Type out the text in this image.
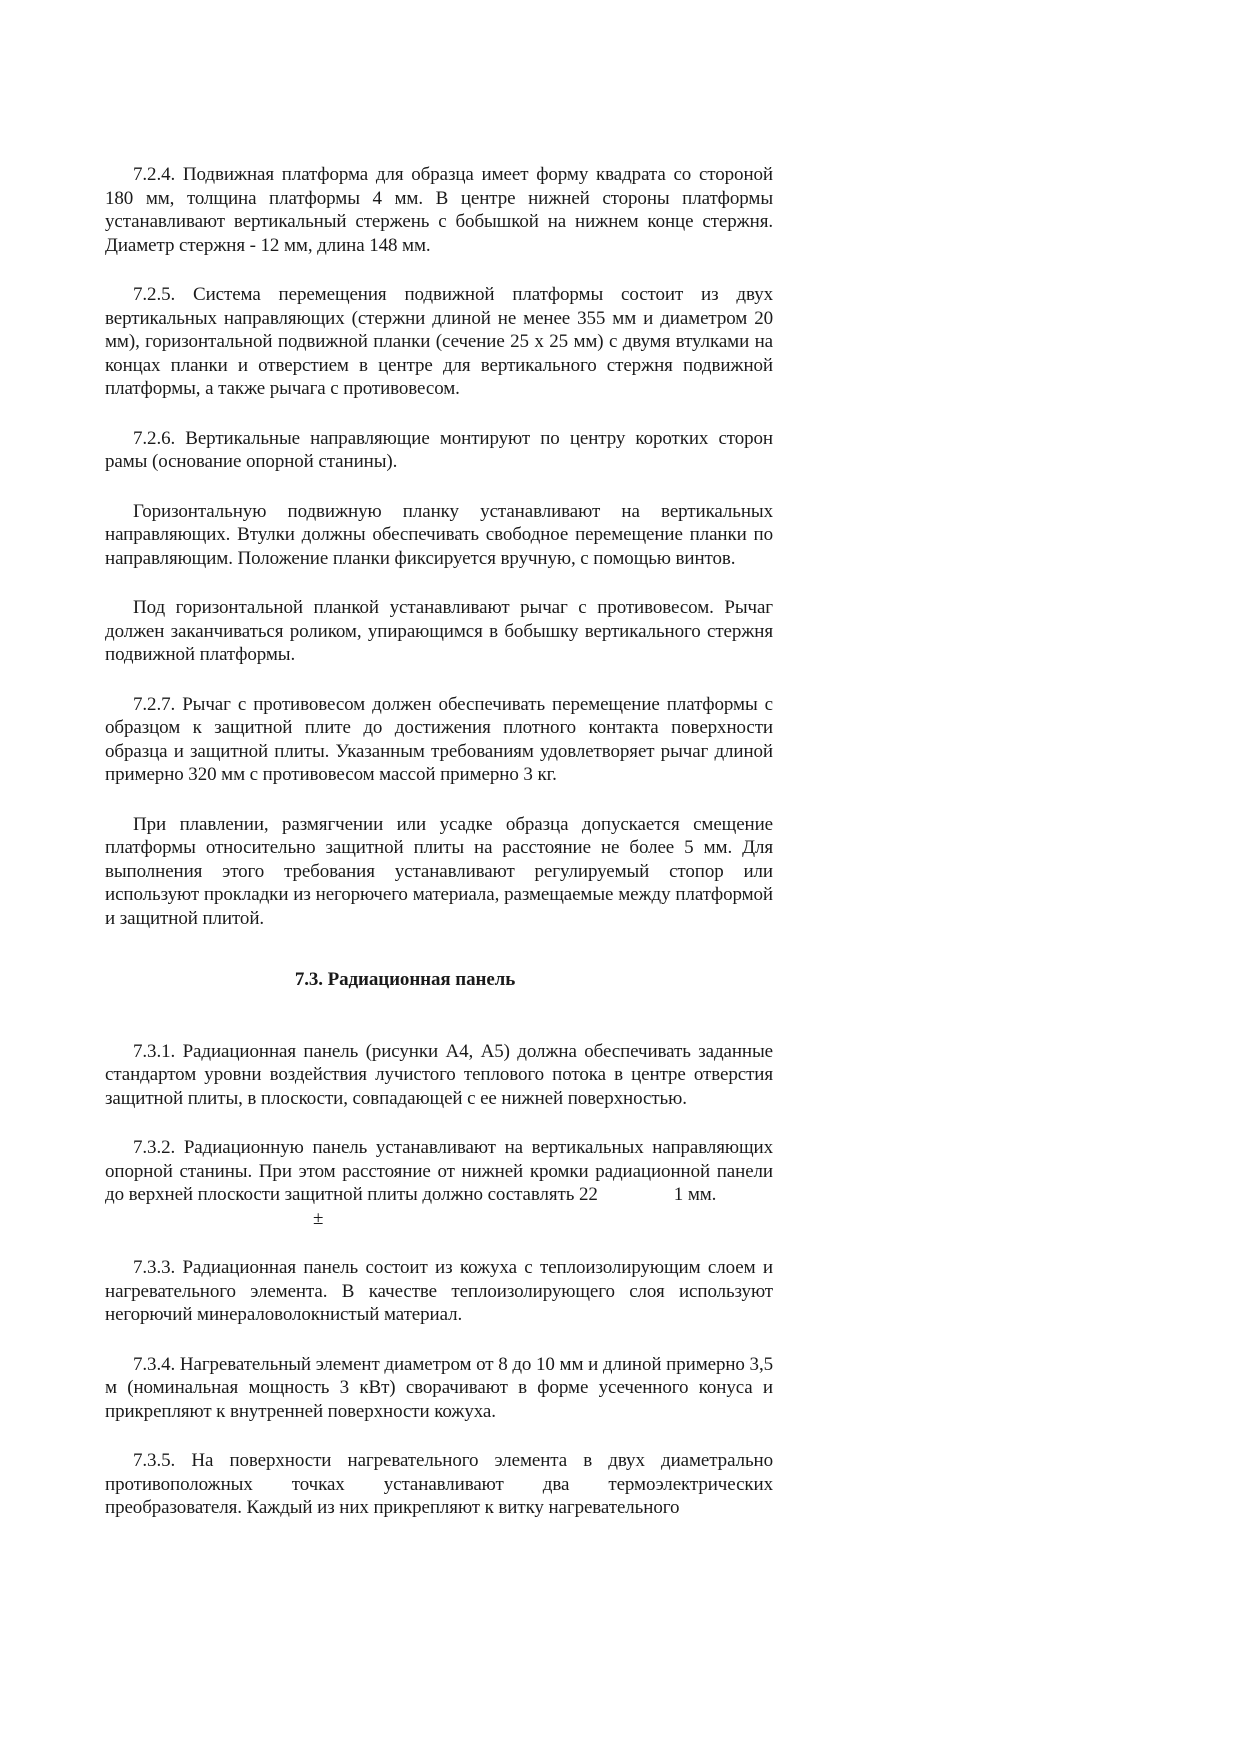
7.2.4. Подвижная платформа для образца имеет форму квадрата со стороной 180 мм, толщина платформы 4 мм. В центре нижней стороны платформы устанавливают вертикальный стержень с бобышкой на нижнем конце стержня. Диаметр стержня - 12 мм, длина 148 мм.

7.2.5. Система перемещения подвижной платформы состоит из двух вертикальных направляющих (стержни длиной не менее 355 мм и диаметром 20 мм), горизонтальной подвижной планки (сечение 25 х 25 мм) с двумя втулками на концах планки и отверстием в центре для вертикального стержня подвижной платформы, а также рычага с противовесом.

7.2.6. Вертикальные направляющие монтируют по центру коротких сторон рамы (основание опорной станины).

Горизонтальную подвижную планку устанавливают на вертикальных направляющих. Втулки должны обеспечивать свободное перемещение планки по направляющим. Положение планки фиксируется вручную, с помощью винтов.

Под горизонтальной планкой устанавливают рычаг с противовесом. Рычаг должен заканчиваться роликом, упирающимся в бобышку вертикального стержня подвижной платформы.

7.2.7. Рычаг с противовесом должен обеспечивать перемещение платформы с образцом к защитной плите до достижения плотного контакта поверхности образца и защитной плиты. Указанным требованиям удовлетворяет рычаг длиной примерно 320 мм с противовесом массой примерно 3 кг.

При плавлении, размягчении или усадке образца допускается смещение платформы относительно защитной плиты на расстояние не более 5 мм. Для выполнения этого требования устанавливают регулируемый стопор или используют прокладки из негорючего материала, размещаемые между платформой и защитной плитой.

7.3. Радиационная панель

7.3.1. Радиационная панель (рисунки А4, А5) должна обеспечивать заданные стандартом уровни воздействия лучистого теплового потока в центре отверстия защитной плиты, в плоскости, совпадающей с ее нижней поверхностью.

7.3.2. Радиационную панель устанавливают на вертикальных направляющих опорной станины. При этом расстояние от нижней кромки радиационной панели до верхней плоскости защитной плиты должно составлять 22	1 мм.
±

7.3.3. Радиационная панель состоит из кожуха с теплоизолирующим слоем и нагревательного элемента. В качестве теплоизолирующего слоя используют негорючий минераловолокнистый материал.

7.3.4. Нагревательный элемент диаметром от 8 до 10 мм и длиной примерно 3,5 м (номинальная мощность 3 кВт) сворачивают в форме усеченного конуса и прикрепляют к внутренней поверхности кожуха.

7.3.5. На поверхности нагревательного элемента в двух диаметрально противоположных точках устанавливают два термоэлектрических преобразователя. Каждый из них прикрепляют к витку нагревательного
